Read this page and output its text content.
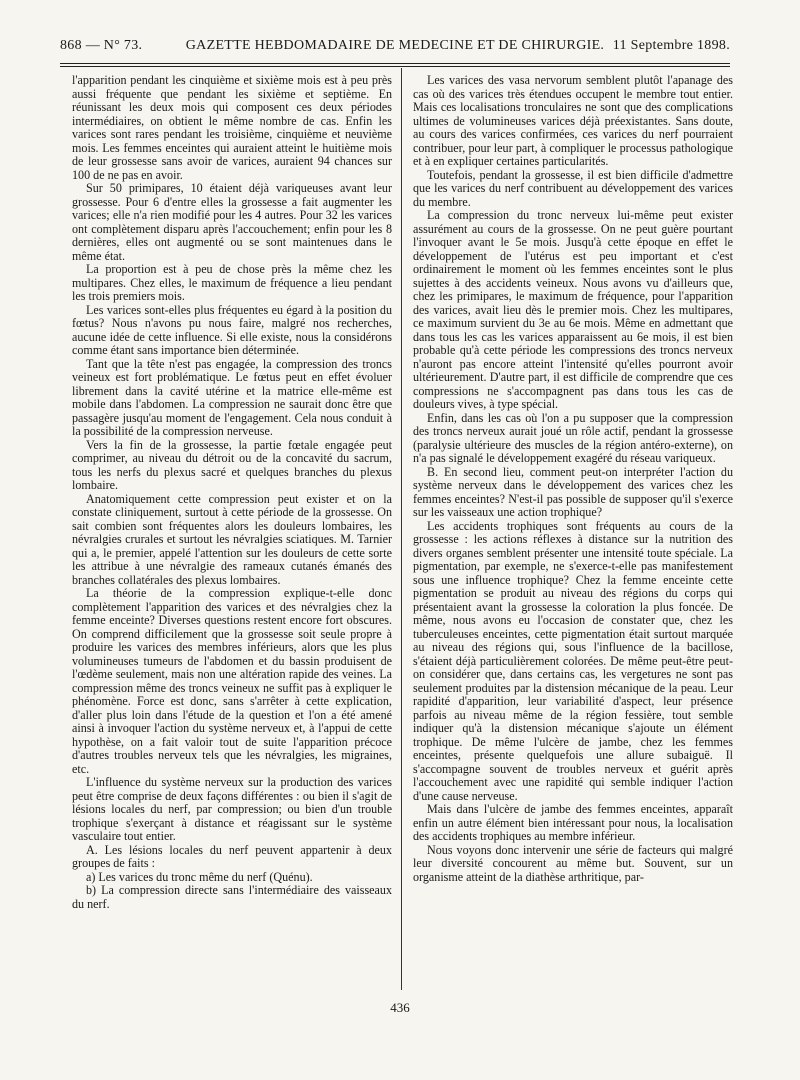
868 — N° 73.	GAZETTE HEBDOMADAIRE DE MEDECINE ET DE CHIRURGIE. 11 Septembre 1898.

l'apparition pendant les cinquième et sixième mois est à peu près aussi fréquente que pendant les sixième et septième. En réunissant les deux mois qui composent ces deux périodes intermédiaires, on obtient le même nombre de cas. Enfin les varices sont rares pendant les troisième, cinquième et neuvième mois. Les femmes enceintes qui auraient atteint le huitième mois de leur grossesse sans avoir de varices, auraient 94 chances sur 100 de ne pas en avoir.

Sur 50 primipares, 10 étaient déjà variqueuses avant leur grossesse. Pour 6 d'entre elles la grossesse a fait augmenter les varices; elle n'a rien modifié pour les 4 autres. Pour 32 les varices ont complètement disparu après l'accouchement; enfin pour les 8 dernières, elles ont augmenté ou se sont maintenues dans le même état.

La proportion est à peu de chose près la même chez les multipares. Chez elles, le maximum de fréquence a lieu pendant les trois premiers mois.

Les varices sont-elles plus fréquentes eu égard à la position du fœtus? Nous n'avons pu nous faire, malgré nos recherches, aucune idée de cette influence. Si elle existe, nous la considérons comme étant sans importance bien déterminée.

Tant que la tête n'est pas engagée, la compression des troncs veineux est fort problématique. Le fœtus peut en effet évoluer librement dans la cavité utérine et la matrice elle-même est mobile dans l'abdomen. La compression ne saurait donc être que passagère jusqu'au moment de l'engagement. Cela nous conduit à la possibilité de la compression nerveuse.

Vers la fin de la grossesse, la partie fœtale engagée peut comprimer, au niveau du détroit ou de la concavité du sacrum, tous les nerfs du plexus sacré et quelques branches du plexus lombaire.

Anatomiquement cette compression peut exister et on la constate cliniquement, surtout à cette période de la grossesse. On sait combien sont fréquentes alors les douleurs lombaires, les névralgies crurales et surtout les névralgies sciatiques. M. Tarnier qui a, le premier, appelé l'attention sur les douleurs de cette sorte les attribue à une névralgie des rameaux cutanés émanés des branches collatérales des plexus lombaires.

La théorie de la compression explique-t-elle donc complètement l'apparition des varices et des névralgies chez la femme enceinte? Diverses questions restent encore fort obscures. On comprend difficilement que la grossesse soit seule propre à produire les varices des membres inférieurs, alors que les plus volumineuses tumeurs de l'abdomen et du bassin produisent de l'œdème seulement, mais non une altération rapide des veines. La compression même des troncs veineux ne suffit pas à expliquer le phénomène. Force est donc, sans s'arrêter à cette explication, d'aller plus loin dans l'étude de la question et l'on a été amené ainsi à invoquer l'action du système nerveux et, à l'appui de cette hypothèse, on a fait valoir tout de suite l'apparition précoce d'autres troubles nerveux tels que les névralgies, les migraines, etc.

L'influence du système nerveux sur la production des varices peut être comprise de deux façons différentes : ou bien il s'agit de lésions locales du nerf, par compression; ou bien d'un trouble trophique s'exerçant à distance et réagissant sur le système vasculaire tout entier.

A. Les lésions locales du nerf peuvent appartenir à deux groupes de faits :

a) Les varices du tronc même du nerf (Quénu).

b) La compression directe sans l'intermédiaire des vaisseaux du nerf.

Les varices des vasa nervorum semblent plutôt l'apanage des cas où des varices très étendues occupent le membre tout entier. Mais ces localisations tronculaires ne sont que des complications ultimes de volumineuses varices déjà préexistantes. Sans doute, au cours des varices confirmées, ces varices du nerf pourraient contribuer, pour leur part, à compliquer le processus pathologique et à en expliquer certaines particularités.

Toutefois, pendant la grossesse, il est bien difficile d'admettre que les varices du nerf contribuent au développement des varices du membre.

La compression du tronc nerveux lui-même peut exister assurément au cours de la grossesse. On ne peut guère pourtant l'invoquer avant le 5e mois. Jusqu'à cette époque en effet le développement de l'utérus est peu important et c'est ordinairement le moment où les femmes enceintes sont le plus sujettes à des accidents veineux. Nous avons vu d'ailleurs que, chez les primipares, le maximum de fréquence, pour l'apparition des varices, avait lieu dès le premier mois. Chez les multipares, ce maximum survient du 3e au 6e mois. Même en admettant que dans tous les cas les varices apparaissent au 6e mois, il est bien probable qu'à cette période les compressions des troncs nerveux n'auront pas encore atteint l'intensité qu'elles pourront avoir ultérieurement. D'autre part, il est difficile de comprendre que ces compressions ne s'accompagnent pas dans tous les cas de douleurs vives, à type spécial.

Enfin, dans les cas où l'on a pu supposer que la compression des troncs nerveux aurait joué un rôle actif, pendant la grossesse (paralysie ultérieure des muscles de la région antéro-externe), on n'a pas signalé le développement exagéré du réseau variqueux.

B. En second lieu, comment peut-on interpréter l'action du système nerveux dans le développement des varices chez les femmes enceintes? N'est-il pas possible de supposer qu'il s'exerce sur les vaisseaux une action trophique?

Les accidents trophiques sont fréquents au cours de la grossesse : les actions réflexes à distance sur la nutrition des divers organes semblent présenter une intensité toute spéciale. La pigmentation, par exemple, ne s'exerce-t-elle pas manifestement sous une influence trophique? Chez la femme enceinte cette pigmentation se produit au niveau des régions du corps qui présentaient avant la grossesse la coloration la plus foncée. De même, nous avons eu l'occasion de constater que, chez les tuberculeuses enceintes, cette pigmentation était surtout marquée au niveau des régions qui, sous l'influence de la bacillose, s'étaient déjà particulièrement colorées. De même peut-être peut-on considérer que, dans certains cas, les vergetures ne sont pas seulement produites par la distension mécanique de la peau. Leur rapidité d'apparition, leur variabilité d'aspect, leur présence parfois au niveau même de la région fessière, tout semble indiquer qu'à la distension mécanique s'ajoute un élément trophique. De même l'ulcère de jambe, chez les femmes enceintes, présente quelquefois une allure subaiguë. Il s'accompagne souvent de troubles nerveux et guérit après l'accouchement avec une rapidité qui semble indiquer l'action d'une cause nerveuse.

Mais dans l'ulcère de jambe des femmes enceintes, apparaît enfin un autre élément bien intéressant pour nous, la localisation des accidents trophiques au membre inférieur.

Nous voyons donc intervenir une série de facteurs qui malgré leur diversité concourent au même but. Souvent, sur un organisme atteint de la diathèse arthritique, par-

436
